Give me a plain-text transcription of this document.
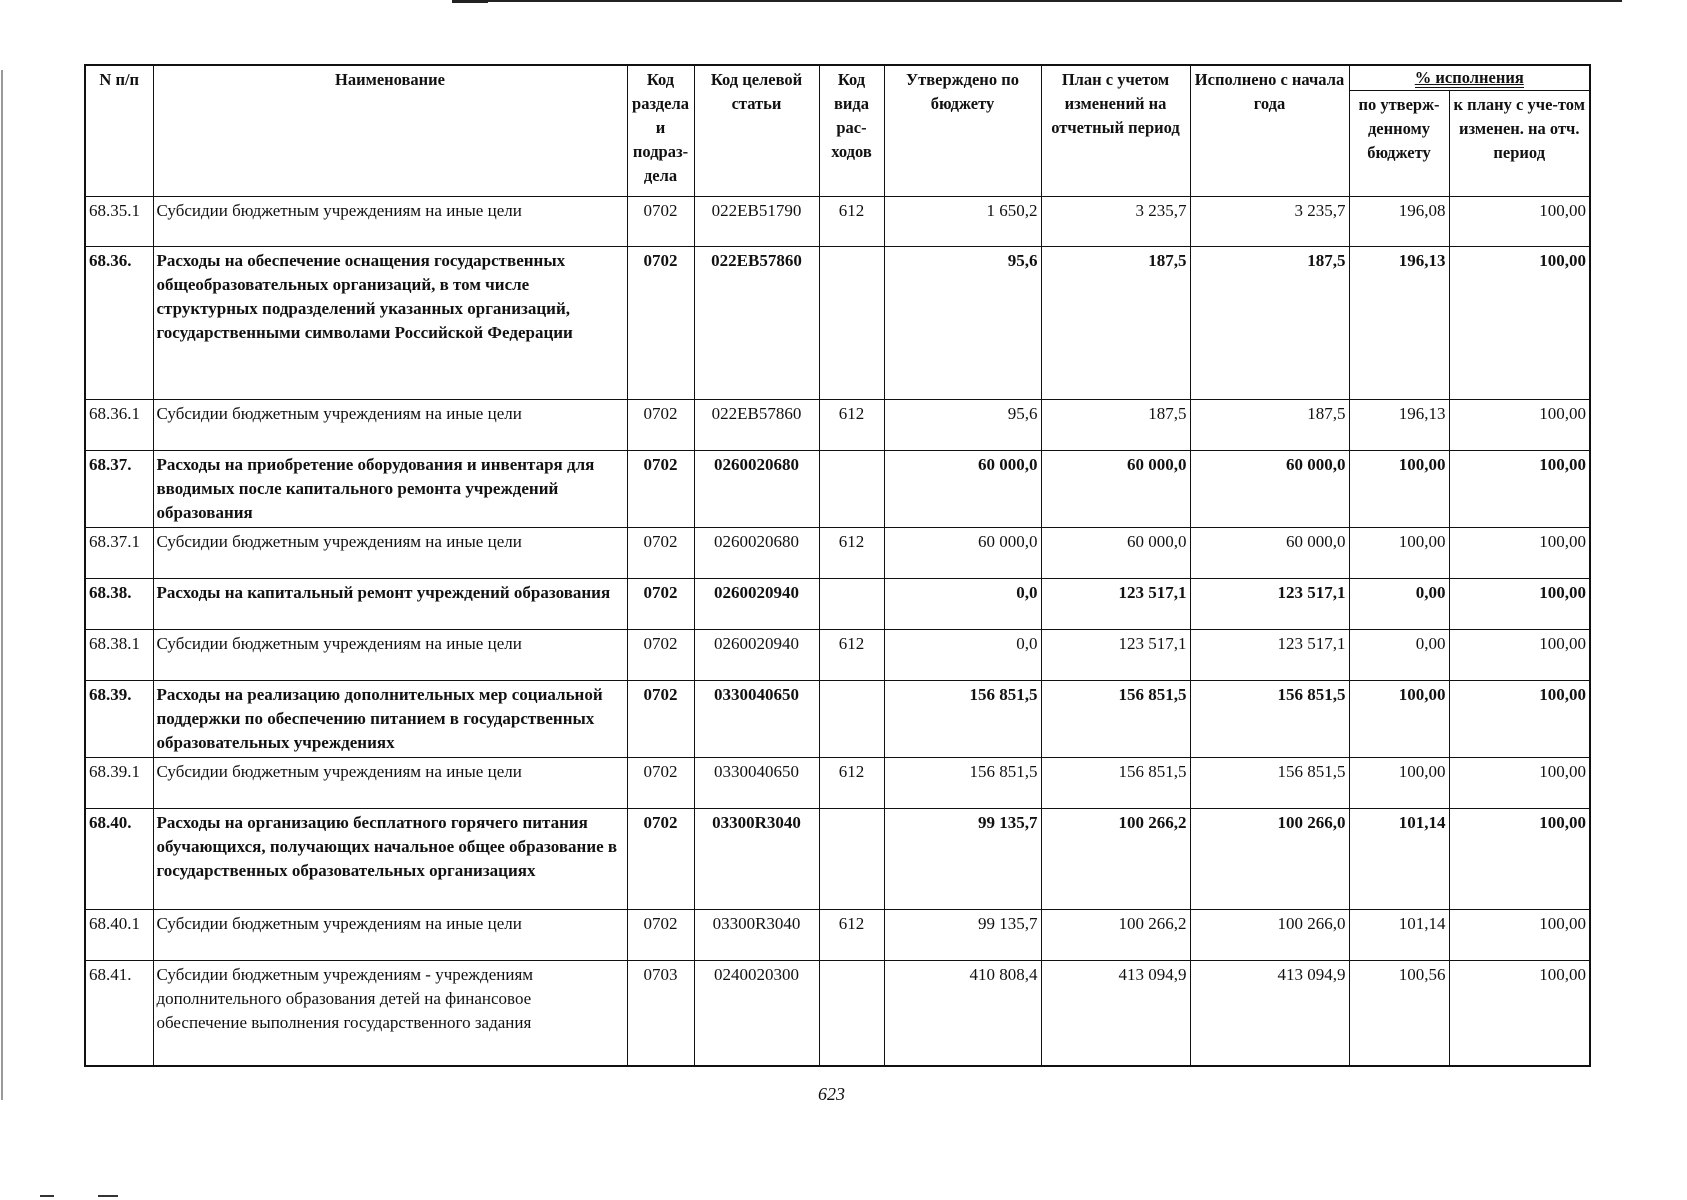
N п/п	Наименование	Код раздела и подраз-дела	Код целевой статьи	Код вида рас-ходов	Утверждено по бюджету	План с учетом изменений на отчетный период	Исполнено с начала года	% исполнения	
								по утверж-денному бюджету	к плану с уче-том изменен. на отч. период
68.35.1	Субсидии бюджетным учреждениям на иные цели	0702	022ЕВ51790	612	1 650,2	3 235,7	3 235,7	196,08	100,00
68.36.	Расходы на обеспечение оснащения государственных общеобразовательных организаций, в том числе структурных подразделений указанных организаций, государственными символами Российской Федерации	0702	022ЕВ57860		95,6	187,5	187,5	196,13	100,00
68.36.1	Субсидии бюджетным учреждениям на иные цели	0702	022ЕВ57860	612	95,6	187,5	187,5	196,13	100,00
68.37.	Расходы на приобретение оборудования и инвентаря для вводимых после капитального ремонта учреждений образования	0702	0260020680		60 000,0	60 000,0	60 000,0	100,00	100,00
68.37.1	Субсидии бюджетным учреждениям на иные цели	0702	0260020680	612	60 000,0	60 000,0	60 000,0	100,00	100,00
68.38.	Расходы на капитальный ремонт учреждений образования	0702	0260020940		0,0	123 517,1	123 517,1	0,00	100,00
68.38.1	Субсидии бюджетным учреждениям на иные цели	0702	0260020940	612	0,0	123 517,1	123 517,1	0,00	100,00
68.39.	Расходы на реализацию дополнительных мер социальной поддержки по обеспечению питанием в государственных образовательных учреждениях	0702	0330040650		156 851,5	156 851,5	156 851,5	100,00	100,00
68.39.1	Субсидии бюджетным учреждениям на иные цели	0702	0330040650	612	156 851,5	156 851,5	156 851,5	100,00	100,00
68.40.	Расходы на организацию бесплатного горячего питания обучающихся, получающих начальное общее образование в государственных образовательных организациях	0702	03300R3040		99 135,7	100 266,2	100 266,0	101,14	100,00
68.40.1	Субсидии бюджетным учреждениям на иные цели	0702	03300R3040	612	99 135,7	100 266,2	100 266,0	101,14	100,00
68.41.	Субсидии бюджетным учреждениям - учреждениям дополнительного образования детей на финансовое обеспечение выполнения государственного задания	0703	0240020300		410 808,4	413 094,9	413 094,9	100,56	100,00
623
